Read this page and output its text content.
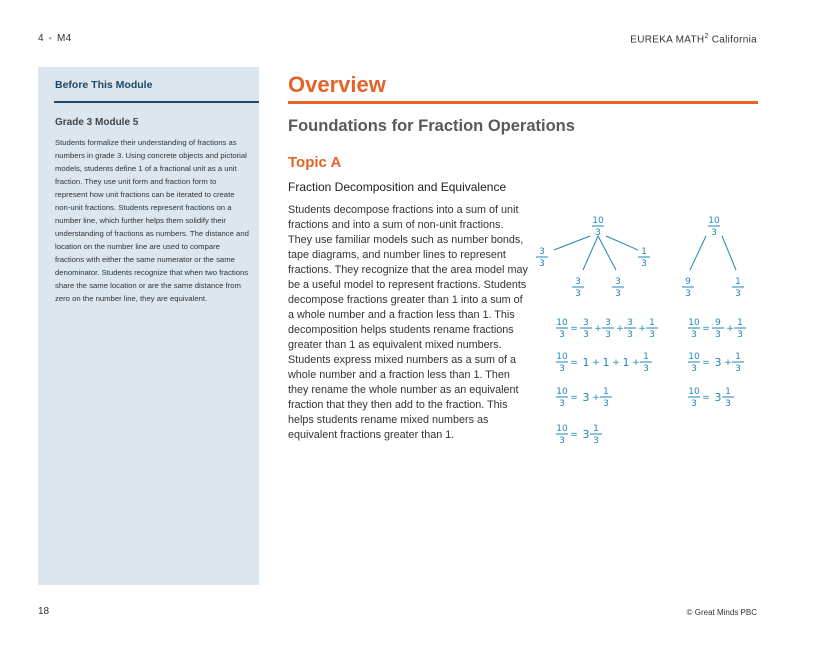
4 • M4	EUREKA MATH$^2$ California
Before This Module
Grade 3 Module 5
Students formalize their understanding of fractions as numbers in grade 3. Using concrete objects and pictorial models, students define 1 of a fractional unit as a unit fraction. They use unit form and fraction form to represent how unit fractions can be iterated to create non-unit fractions. Students represent fractions on a number line, which further helps them solidify their understanding of fractions as numbers. The distance and location on the number line are used to compare fractions with either the same numerator or the same denominator. Students recognize that when two fractions share the same location or are the same distance from zero on the number line, they are equivalent.
Overview
Foundations for Fraction Operations
Topic A
Fraction Decomposition and Equivalence
Students decompose fractions into a sum of unit fractions and into a sum of non-unit fractions. They use familiar models such as number bonds, tape diagrams, and number lines to represent fractions. They recognize that the area model may be a useful model to represent fractions. Students decompose fractions greater than 1 into a sum of a whole number and a fraction less than 1. This decomposition helps students rename fractions greater than 1 as equivalent mixed numbers. Students express mixed numbers as a sum of a whole number and a fraction less than 1. Then they rename the whole number as an equivalent fraction that they then add to the fraction. This helps students rename mixed numbers as equivalent fractions greater than 1.
10
3
3
3
1
3
3
3
3
3
10
3
9
3
1
3
10
3
=
3
3
+
3
3
+
3
3
+
1
3
10
3
= 1 + 1 + 1 +
1
3
10
3
= 3 +
1
3
10
3
= 3 1
3
10
3
=
9
3
+
1
3
10
3
= 3 +
1
3
10
3
= 3 1
3
18	© Great Minds PBC
